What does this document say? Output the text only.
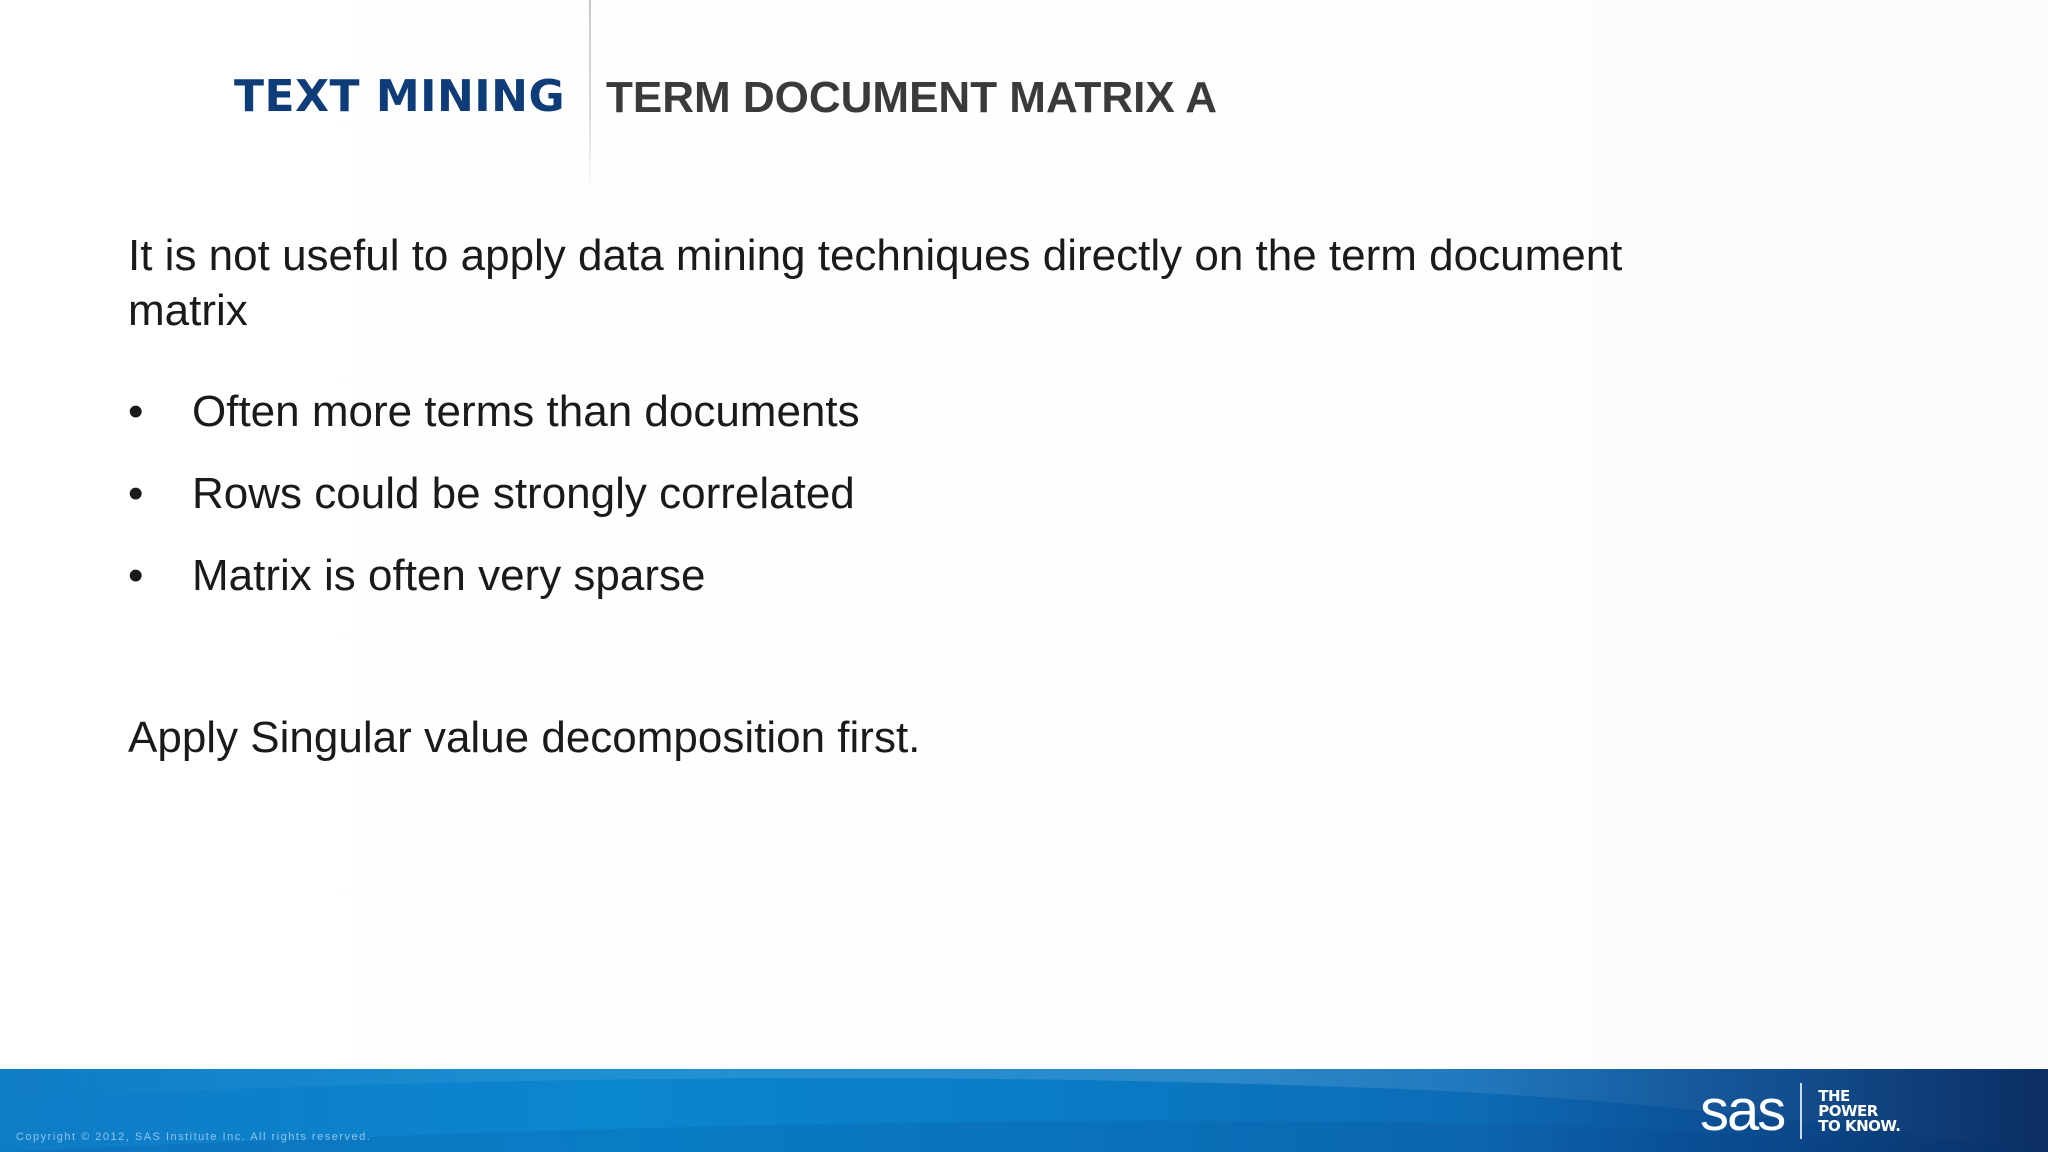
TEXT MINING TERM DOCUMENT MATRIX A

It is not useful to apply data mining techniques directly on the term document matrix

• Often more terms than documents
• Rows could be strongly correlated
• Matrix is often very sparse

Apply Singular value decomposition first.

Copyright © 2012, SAS Institute Inc. All rights reserved.	sas THE
POWER
TO KNOW.
